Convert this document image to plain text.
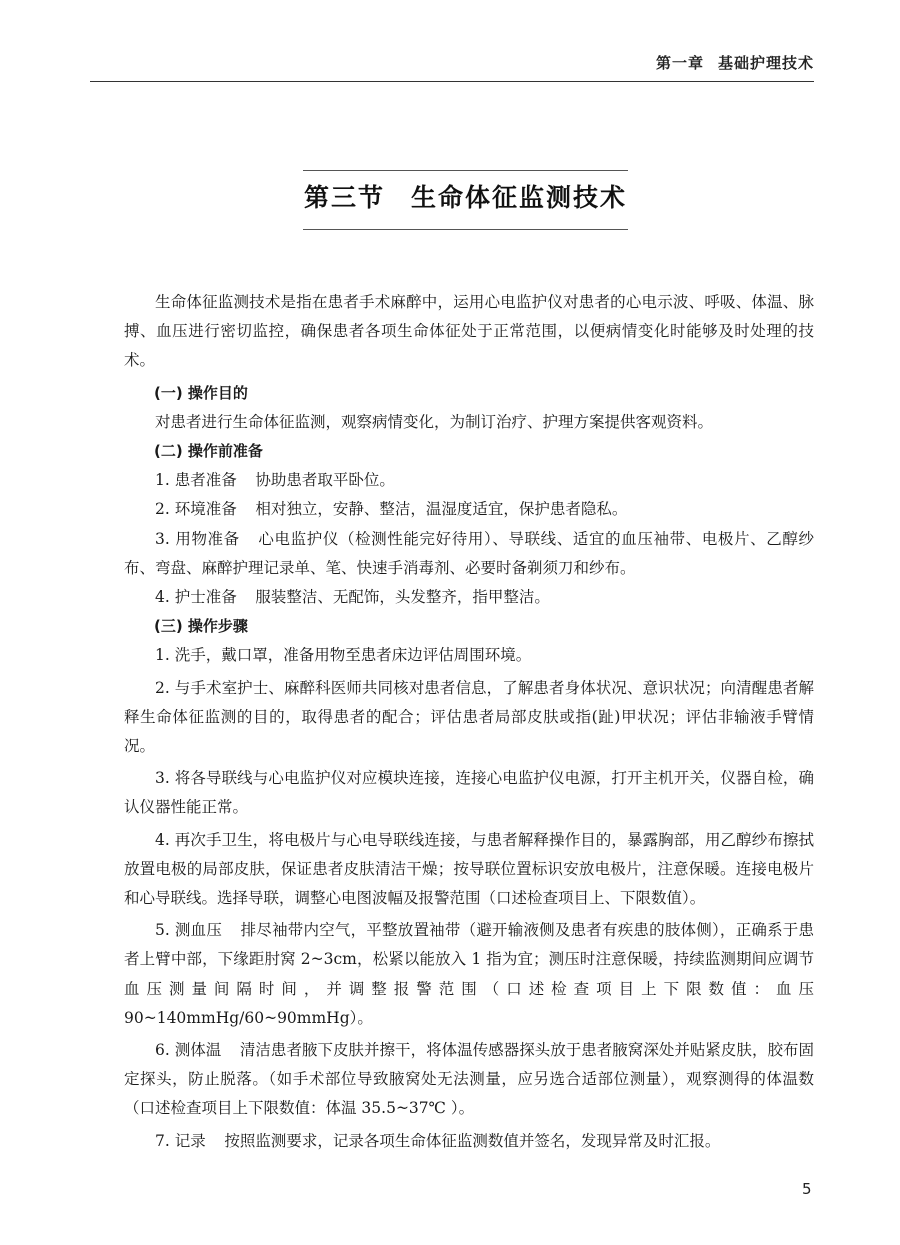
第一章 基础护理技术
第三节 生命体征监测技术

生命体征监测技术是指在患者手术麻醉中，运用心电监护仪对患者的心电示波、呼吸、体温、脉搏、血压进行密切监控，确保患者各项生命体征处于正常范围，以便病情变化时能够及时处理的技术。

(一) 操作目的

对患者进行生命体征监测，观察病情变化，为制订治疗、护理方案提供客观资料。

(二) 操作前准备

1. 患者准备 协助患者取平卧位。

2. 环境准备 相对独立，安静、整洁，温湿度适宜，保护患者隐私。

3. 用物准备 心电监护仪（检测性能完好待用）、导联线、适宜的血压袖带、电极片、乙醇纱布、弯盘、麻醉护理记录单、笔、快速手消毒剂、必要时备剃须刀和纱布。

4. 护士准备 服装整洁、无配饰，头发整齐，指甲整洁。

(三) 操作步骤

1. 洗手，戴口罩，准备用物至患者床边评估周围环境。

2. 与手术室护士、麻醉科医师共同核对患者信息，了解患者身体状况、意识状况；向清醒患者解释生命体征监测的目的，取得患者的配合；评估患者局部皮肤或指(趾)甲状况；评估非输液手臂情况。

3. 将各导联线与心电监护仪对应模块连接，连接心电监护仪电源，打开主机开关，仪器自检，确认仪器性能正常。

4. 再次手卫生，将电极片与心电导联线连接，与患者解释操作目的，暴露胸部，用乙醇纱布擦拭放置电极的局部皮肤，保证患者皮肤清洁干燥；按导联位置标识安放电极片，注意保暖。连接电极片和心导联线。选择导联，调整心电图波幅及报警范围（口述检查项目上、下限数值）。

5. 测血压 排尽袖带内空气，平整放置袖带（避开输液侧及患者有疾患的肢体侧），正确系于患者上臂中部，下缘距肘窝 2~3cm，松紧以能放入 1 指为宜；测压时注意保暖，持续监测期间应调节血压测量间隔时间，并调整报警范围（口述检查项目上下限数值：血压 90~140mmHg/60~90mmHg）。

6. 测体温 清洁患者腋下皮肤并擦干，将体温传感器探头放于患者腋窝深处并贴紧皮肤，胶布固定探头，防止脱落。（如手术部位导致腋窝处无法测量，应另选合适部位测量），观察测得的体温数（口述检查项目上下限数值：体温 35.5~37℃ ）。

7. 记录 按照监测要求，记录各项生命体征监测数值并签名，发现异常及时汇报。

5
